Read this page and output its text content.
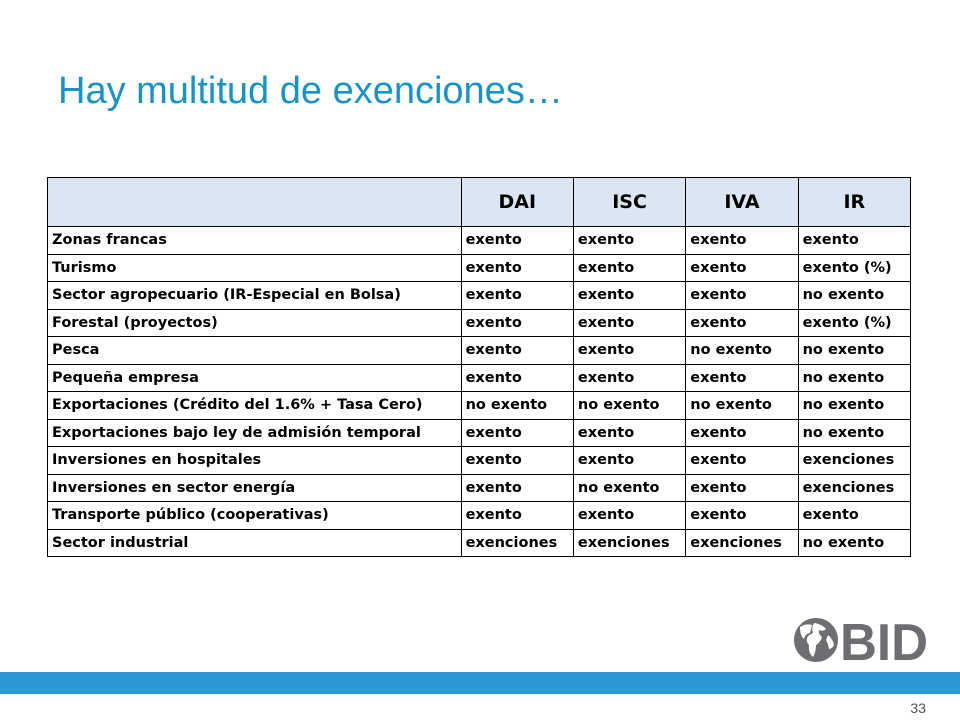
Hay multitud de exenciones…
	DAI	ISC	IVA	IR
Zonas francas	exento	exento	exento	exento
Turismo	exento	exento	exento	exento (%)
Sector agropecuario (IR-Especial en Bolsa)	exento	exento	exento	no exento
Forestal (proyectos)	exento	exento	exento	exento (%)
Pesca	exento	exento	no exento	no exento
Pequeña empresa	exento	exento	exento	no exento
Exportaciones (Crédito del 1.6% + Tasa Cero)	no exento	no exento	no exento	no exento
Exportaciones bajo ley de admisión temporal	exento	exento	exento	no exento
Inversiones en hospitales	exento	exento	exento	exenciones
Inversiones en sector energía	exento	no exento	exento	exenciones
Transporte público (cooperativas)	exento	exento	exento	exento
Sector industrial	exenciones	exenciones	exenciones	no exento
BID
33
